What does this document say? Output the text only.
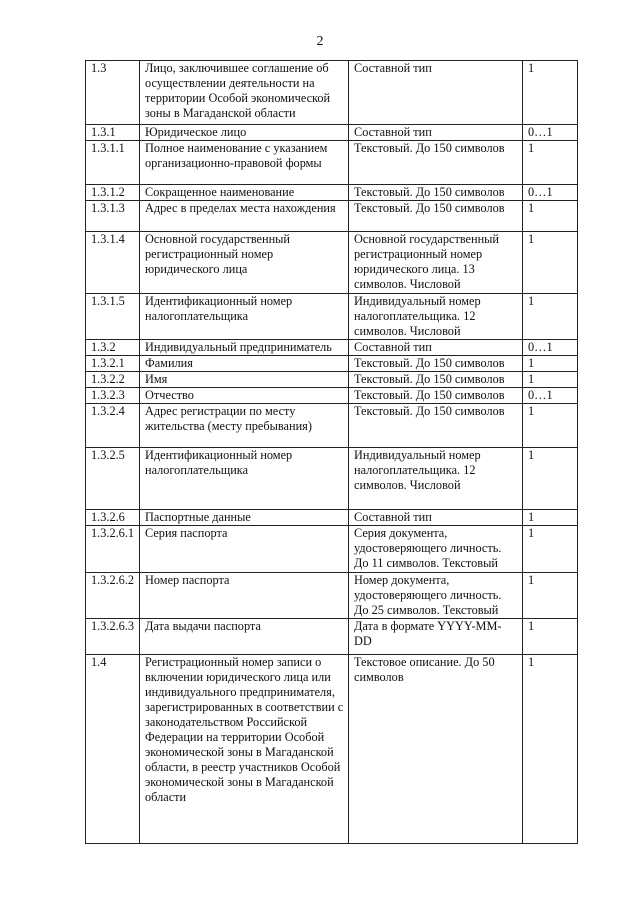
2
1.3	Лицо, заключившее соглашение об осуществлении деятельности на территории Особой экономической зоны в Магаданской области	Составной тип	1
1.3.1	Юридическое лицо	Составной тип	0…1
1.3.1.1	Полное наименование с указанием организационно-правовой формы	Текстовый. До 150 символов	1
1.3.1.2	Сокращенное наименование	Текстовый. До 150 символов	0…1
1.3.1.3	Адрес в пределах места нахождения	Текстовый. До 150 символов	1
1.3.1.4	Основной государственный регистрационный номер юридического лица	Основной государственный регистрационный номер юридического лица. 13 символов. Числовой	1
1.3.1.5	Идентификационный номер налогоплательщика	Индивидуальный номер налогоплательщика. 12 символов. Числовой	1
1.3.2	Индивидуальный предприниматель	Составной тип	0…1
1.3.2.1	Фамилия	Текстовый. До 150 символов	1
1.3.2.2	Имя	Текстовый. До 150 символов	1
1.3.2.3	Отчество	Текстовый. До 150 символов	0…1
1.3.2.4	Адрес регистрации по месту жительства (месту пребывания)	Текстовый. До 150 символов	1
1.3.2.5	Идентификационный номер налогоплательщика	Индивидуальный номер налогоплательщика. 12 символов. Числовой	1
1.3.2.6	Паспортные данные	Составной тип	1
1.3.2.6.1	Серия паспорта	Серия документа, удостоверяющего личность. До 11 символов. Текстовый	1
1.3.2.6.2	Номер паспорта	Номер документа, удостоверяющего личность. До 25 символов. Текстовый	1
1.3.2.6.3	Дата выдачи паспорта	Дата в формате YYYY-MM-DD	1
1.4	Регистрационный номер записи о включении юридического лица или индивидуального предпринимателя, зарегистрированных в соответствии с законодательством Российской Федерации на территории Особой экономической зоны в Магаданской области, в реестр участников Особой экономической зоны в Магаданской области	Текстовое описание. До 50 символов	1
